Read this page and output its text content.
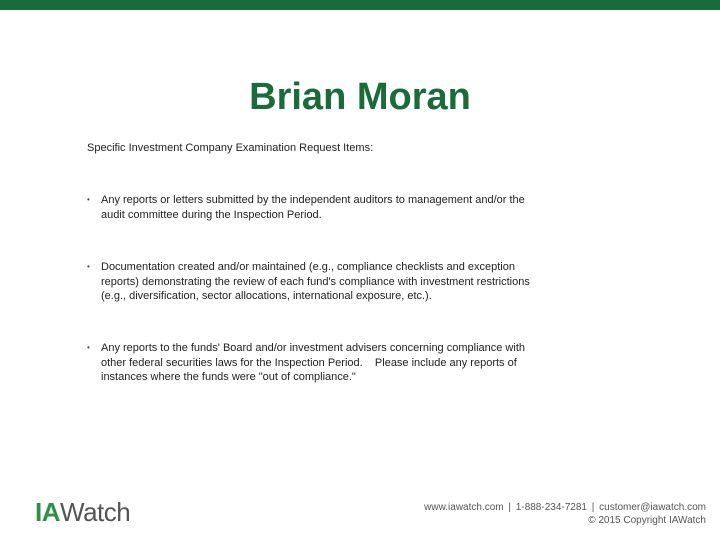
Brian Moran
Specific Investment Company Examination Request Items:
•	Any reports or letters submitted by the independent auditors to management and/or the
audit committee during the Inspection Period.
•	Documentation created and/or maintained (e.g., compliance checklists and exception
reports) demonstrating the review of each fund's compliance with investment restrictions
(e.g., diversification, sector allocations, international exposure, etc.).
•	Any reports to the funds' Board and/or investment advisers concerning compliance with
other federal securities laws for the Inspection Period.    Please include any reports of
instances where the funds were "out of compliance."
IAWatch	www.iawatch.com | 1-888-234-7281 | customer@iawatch.com
© 2015 Copyright IAWatch
